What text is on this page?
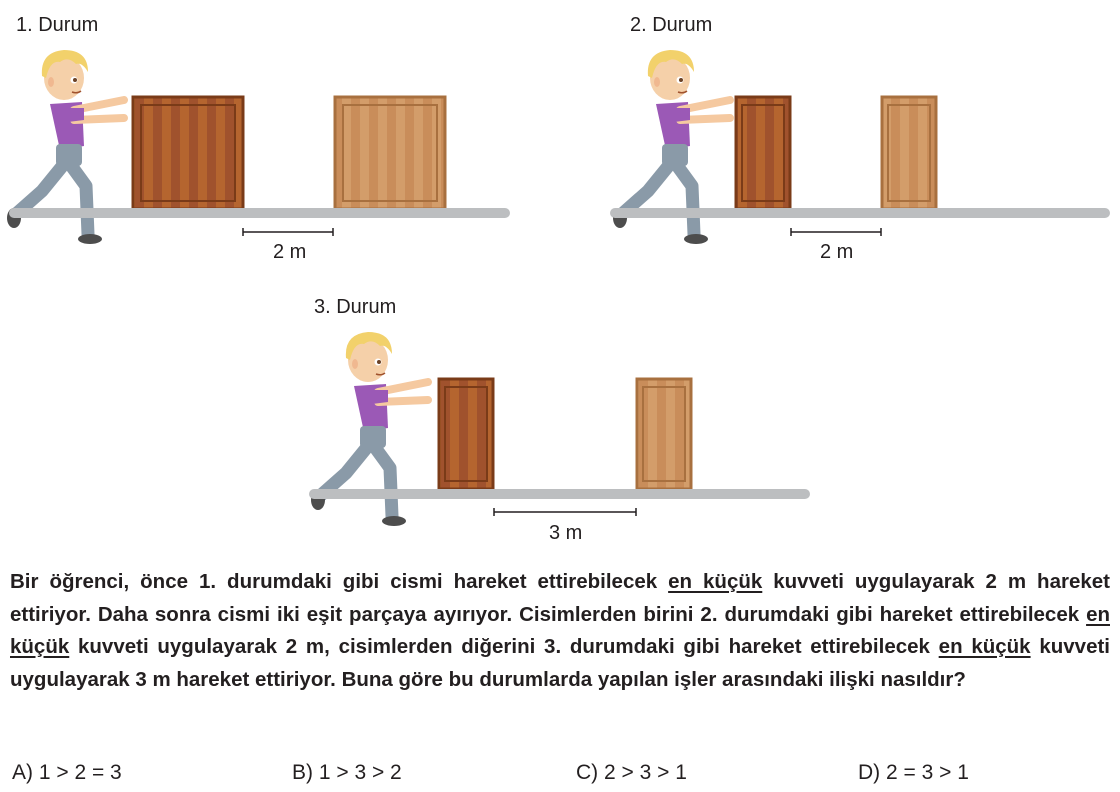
1. Durum	2. Durum
3. Durum
2 m	2 m
3 m
Bir öğrenci, önce 1. durumdaki gibi cismi hareket ettirebilecek en küçük kuvveti uygulayarak 2 m hareket ettiriyor. Daha sonra cismi iki eşit parçaya ayırıyor. Cisimlerden birini 2. durumdaki gibi hareket ettirebilecek en küçük kuvveti uygulayarak 2 m, cisimlerden diğerini 3. durumdaki gibi hareket ettirebilecek en küçük kuvveti uygulayarak 3 m hareket ettiriyor. Buna göre bu durumlarda yapılan işler arasındaki ilişki nasıldır?
A) 1 > 2 = 3	B) 1 > 3 > 2	C) 2 > 3 > 1	D) 2 = 3 > 1
